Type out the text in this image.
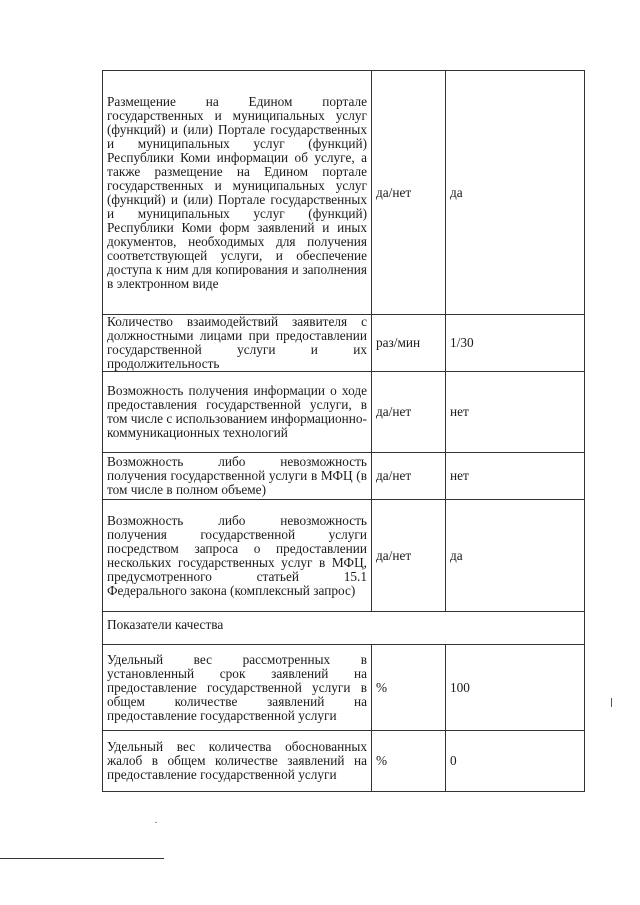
Размещение на Едином портале государственных и муниципальных услуг (функций) и (или) Портале государственных и муниципальных услуг (функций) Республики Коми информации об услуге, а также размещение на Едином портале государственных и муниципальных услуг (функций) и (или) Портале государственных и муниципальных услуг (функций) Республики Коми форм заявлений и иных документов, необходимых для получения соответствующей услуги, и обеспечение доступа к ним для копирования и заполнения в электронном виде	да/нет	да
Количество взаимодействий заявителя с должностными лицами при предоставлении государственной услуги и их продолжительность	раз/мин	1/30
Возможность получения информации о ходе предоставления государственной услуги, в том числе с использованием информационно-коммуникационных технологий	да/нет	нет
Возможность либо невозможность получения государственной услуги в МФЦ (в том числе в полном объеме)	да/нет	нет
Возможность либо невозможность получения государственной услуги посредством запроса о предоставлении нескольких государственных услуг в МФЦ, предусмотренного статьей 15.1 Федерального закона (комплексный запрос)	да/нет	да
Показатели качества		
Удельный вес рассмотренных в установленный срок заявлений на предоставление государственной услуги в общем количестве заявлений на предоставление государственной услуги	%	100
Удельный вес количества обоснованных жалоб в общем количестве заявлений на предоставление государственной услуги	%	0
